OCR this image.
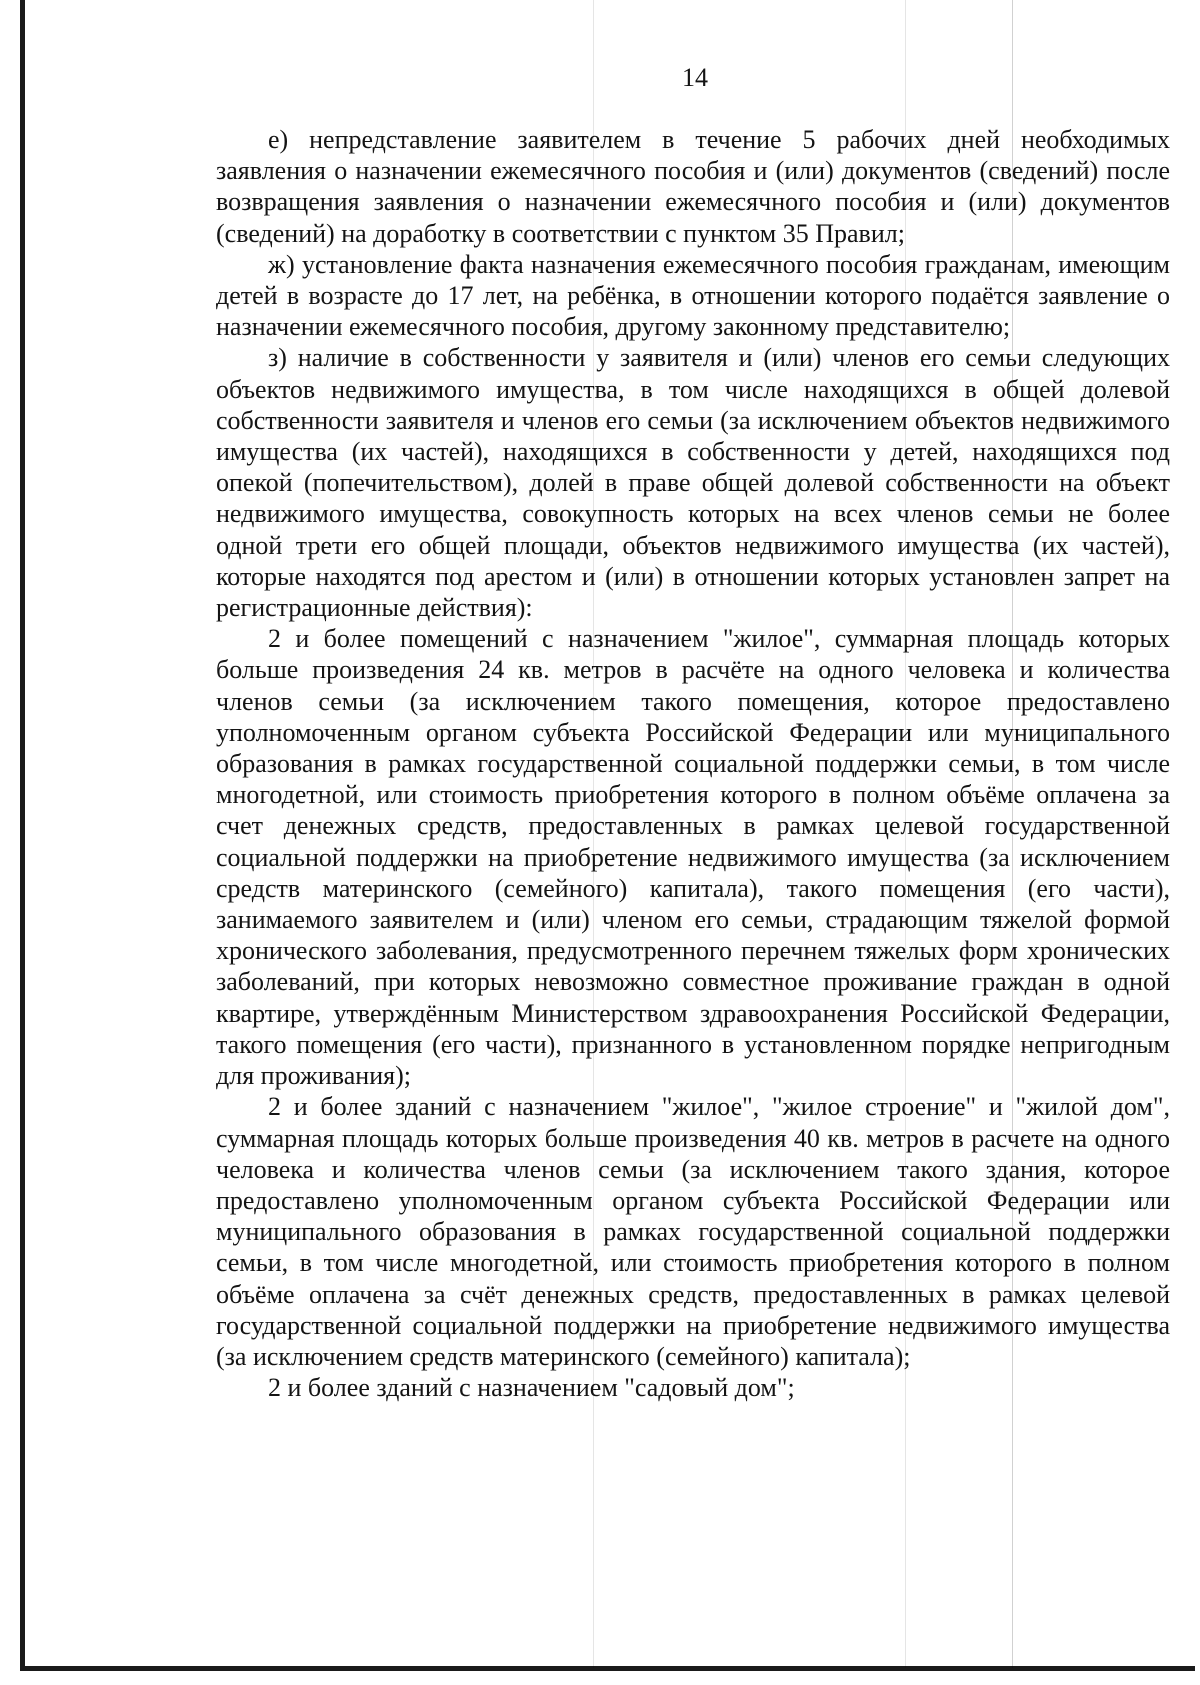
14

е) непредставление заявителем в течение 5 рабочих дней необходимых заявления о назначении ежемесячного пособия и (или) документов (сведений) после возвращения заявления о назначении ежемесячного пособия и (или) документов (сведений) на доработку в соответствии с пунктом 35 Правил;

ж) установление факта назначения ежемесячного пособия гражданам, имеющим детей в возрасте до 17 лет, на ребёнка, в отношении которого подаётся заявление о назначении ежемесячного пособия, другому законному представителю;

з) наличие в собственности у заявителя и (или) членов его семьи следующих объектов недвижимого имущества, в том числе находящихся в общей долевой собственности заявителя и членов его семьи (за исключением объектов недвижимого имущества (их частей), находящихся в собственности у детей, находящихся под опекой (попечительством), долей в праве общей долевой собственности на объект недвижимого имущества, совокупность которых на всех членов семьи не более одной трети его общей площади, объектов недвижимого имущества (их частей), которые находятся под арестом и (или) в отношении которых установлен запрет на регистрационные действия):

2 и более помещений с назначением "жилое", суммарная площадь которых больше произведения 24 кв. метров в расчёте на одного человека и количества членов семьи (за исключением такого помещения, которое предоставлено уполномоченным органом субъекта Российской Федерации или муниципального образования в рамках государственной социальной поддержки семьи, в том числе многодетной, или стоимость приобретения которого в полном объёме оплачена за счет денежных средств, предоставленных в рамках целевой государственной социальной поддержки на приобретение недвижимого имущества (за исключением средств материнского (семейного) капитала), такого помещения (его части), занимаемого заявителем и (или) членом его семьи, страдающим тяжелой формой хронического заболевания, предусмотренного перечнем тяжелых форм хронических заболеваний, при которых невозможно совместное проживание граждан в одной квартире, утверждённым Министерством здравоохранения Российской Федерации, такого помещения (его части), признанного в установленном порядке непригодным для проживания);

2 и более зданий с назначением "жилое", "жилое строение" и "жилой дом", суммарная площадь которых больше произведения 40 кв. метров в расчете на одного человека и количества членов семьи (за исключением такого здания, которое предоставлено уполномоченным органом субъекта Российской Федерации или муниципального образования в рамках государственной социальной поддержки семьи, в том числе многодетной, или стоимость приобретения которого в полном объёме оплачена за счёт денежных средств, предоставленных в рамках целевой государственной социальной поддержки на приобретение недвижимого имущества (за исключением средств материнского (семейного) капитала);

2 и более зданий с назначением "садовый дом";
